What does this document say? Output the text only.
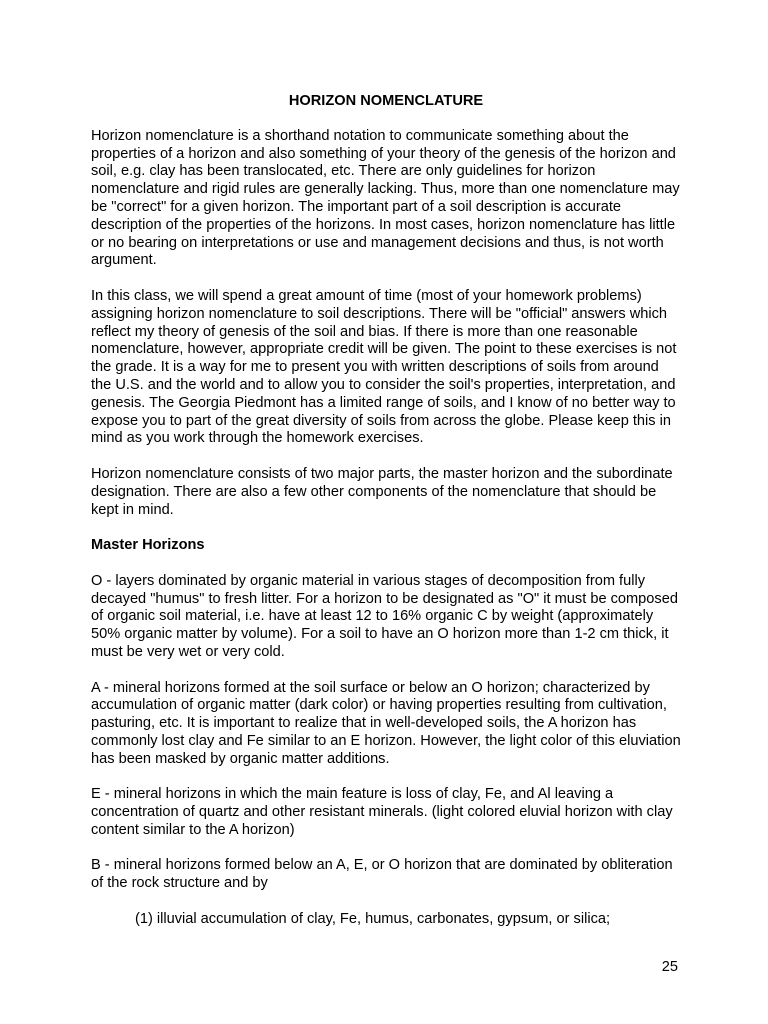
HORIZON NOMENCLATURE

Horizon nomenclature is a shorthand notation to communicate something about the properties of a horizon and also something of your theory of the genesis of the horizon and soil, e.g. clay has been translocated, etc. There are only guidelines for horizon nomenclature and rigid rules are generally lacking. Thus, more than one nomenclature may be "correct" for a given horizon. The important part of a soil description is accurate description of the properties of the horizons. In most cases, horizon nomenclature has little or no bearing on interpretations or use and management decisions and thus, is not worth argument.

In this class, we will spend a great amount of time (most of your homework problems) assigning horizon nomenclature to soil descriptions. There will be "official" answers which reflect my theory of genesis of the soil and bias. If there is more than one reasonable nomenclature, however, appropriate credit will be given. The point to these exercises is not the grade. It is a way for me to present you with written descriptions of soils from around the U.S. and the world and to allow you to consider the soil's properties, interpretation, and genesis. The Georgia Piedmont has a limited range of soils, and I know of no better way to expose you to part of the great diversity of soils from across the globe. Please keep this in mind as you work through the homework exercises.

Horizon nomenclature consists of two major parts, the master horizon and the subordinate designation. There are also a few other components of the nomenclature that should be kept in mind.

Master Horizons

O - layers dominated by organic material in various stages of decomposition from fully decayed "humus" to fresh litter. For a horizon to be designated as "O" it must be composed of organic soil material, i.e. have at least 12 to 16% organic C by weight (approximately 50% organic matter by volume). For a soil to have an O horizon more than 1-2 cm thick, it must be very wet or very cold.

A - mineral horizons formed at the soil surface or below an O horizon; characterized by accumulation of organic matter (dark color) or having properties resulting from cultivation, pasturing, etc. It is important to realize that in well-developed soils, the A horizon has commonly lost clay and Fe similar to an E horizon. However, the light color of this eluviation has been masked by organic matter additions.

E - mineral horizons in which the main feature is loss of clay, Fe, and Al leaving a concentration of quartz and other resistant minerals. (light colored eluvial horizon with clay content similar to the A horizon)

B - mineral horizons formed below an A, E, or O horizon that are dominated by obliteration of the rock structure and by

(1) illuvial accumulation of clay, Fe, humus, carbonates, gypsum, or silica;

25
